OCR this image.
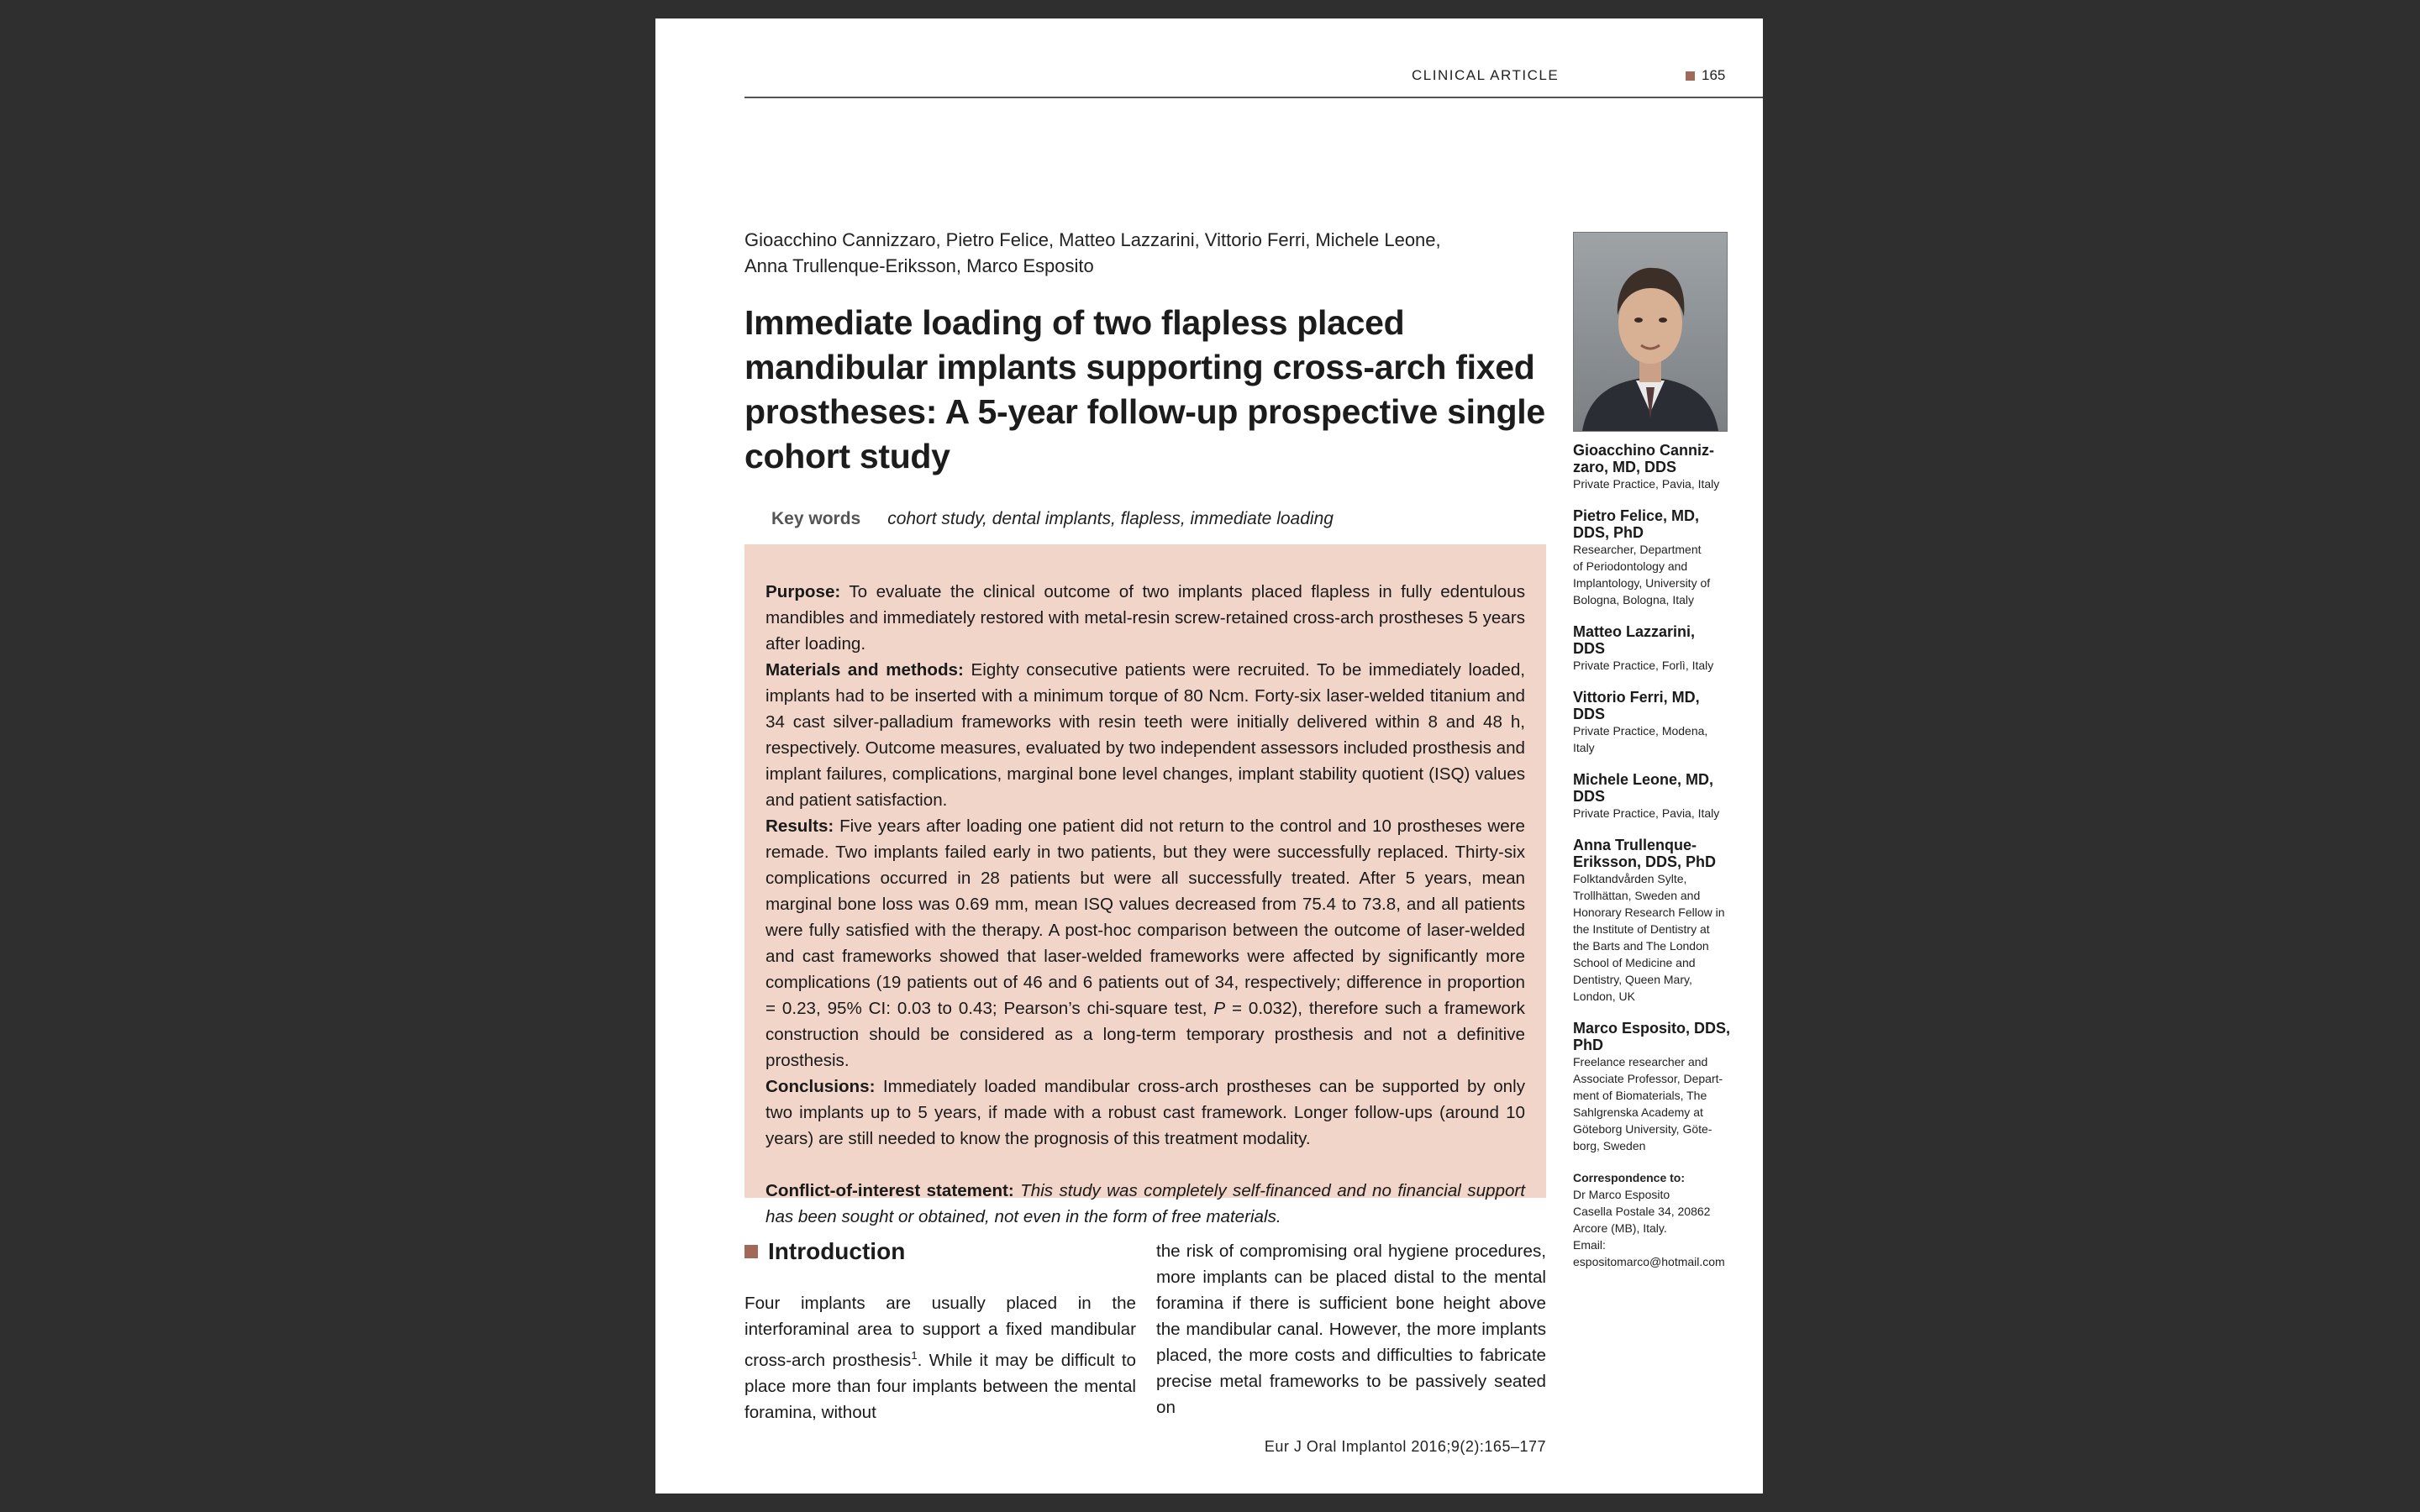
CLINICAL ARTICLE	165
Gioacchino Cannizzaro, Pietro Felice, Matteo Lazzarini, Vittorio Ferri, Michele Leone,
Anna Trullenque-Eriksson, Marco Esposito
Immediate loading of two flapless placed mandibular implants supporting cross-arch fixed prostheses: A 5-year follow-up prospective single cohort study
Key words cohort study, dental implants, flapless, immediate loading

Purpose: To evaluate the clinical outcome of two implants placed flapless in fully edentulous mandibles and immediately restored with metal-resin screw-retained cross-arch prostheses 5 years after loading.

Materials and methods: Eighty consecutive patients were recruited. To be immediately loaded, implants had to be inserted with a minimum torque of 80 Ncm. Forty-six laser-welded titanium and 34 cast silver-palladium frameworks with resin teeth were initially delivered within 8 and 48 h, respectively. Outcome measures, evaluated by two independent assessors included prosthesis and implant failures, complications, marginal bone level changes, implant stability quotient (ISQ) values and patient satisfaction.

Results: Five years after loading one patient did not return to the control and 10 prostheses were remade. Two implants failed early in two patients, but they were successfully replaced. Thirty-six complications occurred in 28 patients but were all successfully treated. After 5 years, mean marginal bone loss was 0.69 mm, mean ISQ values decreased from 75.4 to 73.8, and all patients were fully satisfied with the therapy. A post-hoc comparison between the outcome of laser-welded and cast frameworks showed that laser-welded frameworks were affected by significantly more complications (19 patients out of 46 and 6 patients out of 34, respectively; difference in proportion = 0.23, 95% CI: 0.03 to 0.43; Pearson’s chi-square test, P = 0.032), therefore such a framework construction should be considered as a long-term temporary prosthesis and not a definitive prosthesis.

Conclusions: Immediately loaded mandibular cross-arch prostheses can be supported by only two implants up to 5 years, if made with a robust cast framework. Longer follow-ups (around 10 years) are still needed to know the prognosis of this treatment modality.

Conflict-of-interest statement: This study was completely self-financed and no financial support has been sought or obtained, not even in the form of free materials.

Introduction

Four implants are usually placed in the interforaminal area to support a fixed mandibular cross-arch prosthesis$^1$. While it may be difficult to place more than four implants between the mental foramina, without

the risk of compromising oral hygiene procedures, more implants can be placed distal to the mental foramina if there is sufficient bone height above the mandibular canal. However, the more implants placed, the more costs and difficulties to fabricate precise metal frameworks to be passively seated on

Eur J Oral Implantol 2016;9(2):165–177
Gioacchino Canniz-
zaro, MD, DDS
Private Practice, Pavia, Italy
Pietro Felice, MD,
DDS, PhD
Researcher, Department
of Periodontology and
Implantology, University of
Bologna, Bologna, Italy
Matteo Lazzarini,
DDS
Private Practice, Forlì, Italy
Vittorio Ferri, MD,
DDS
Private Practice, Modena,
Italy
Michele Leone, MD,
DDS
Private Practice, Pavia, Italy
Anna Trullenque-
Eriksson, DDS, PhD
Folktandvården Sylte,
Trollhättan, Sweden and
Honorary Research Fellow in
the Institute of Dentistry at
the Barts and The London
School of Medicine and
Dentistry, Queen Mary,
London, UK
Marco Esposito, DDS,
PhD
Freelance researcher and
Associate Professor, Depart-
ment of Biomaterials, The
Sahlgrenska Academy at
Göteborg University, Göte-
borg, Sweden
Correspondence to:
Dr Marco Esposito
Casella Postale 34, 20862
Arcore (MB), Italy.
Email:
espositomarco@hotmail.com
